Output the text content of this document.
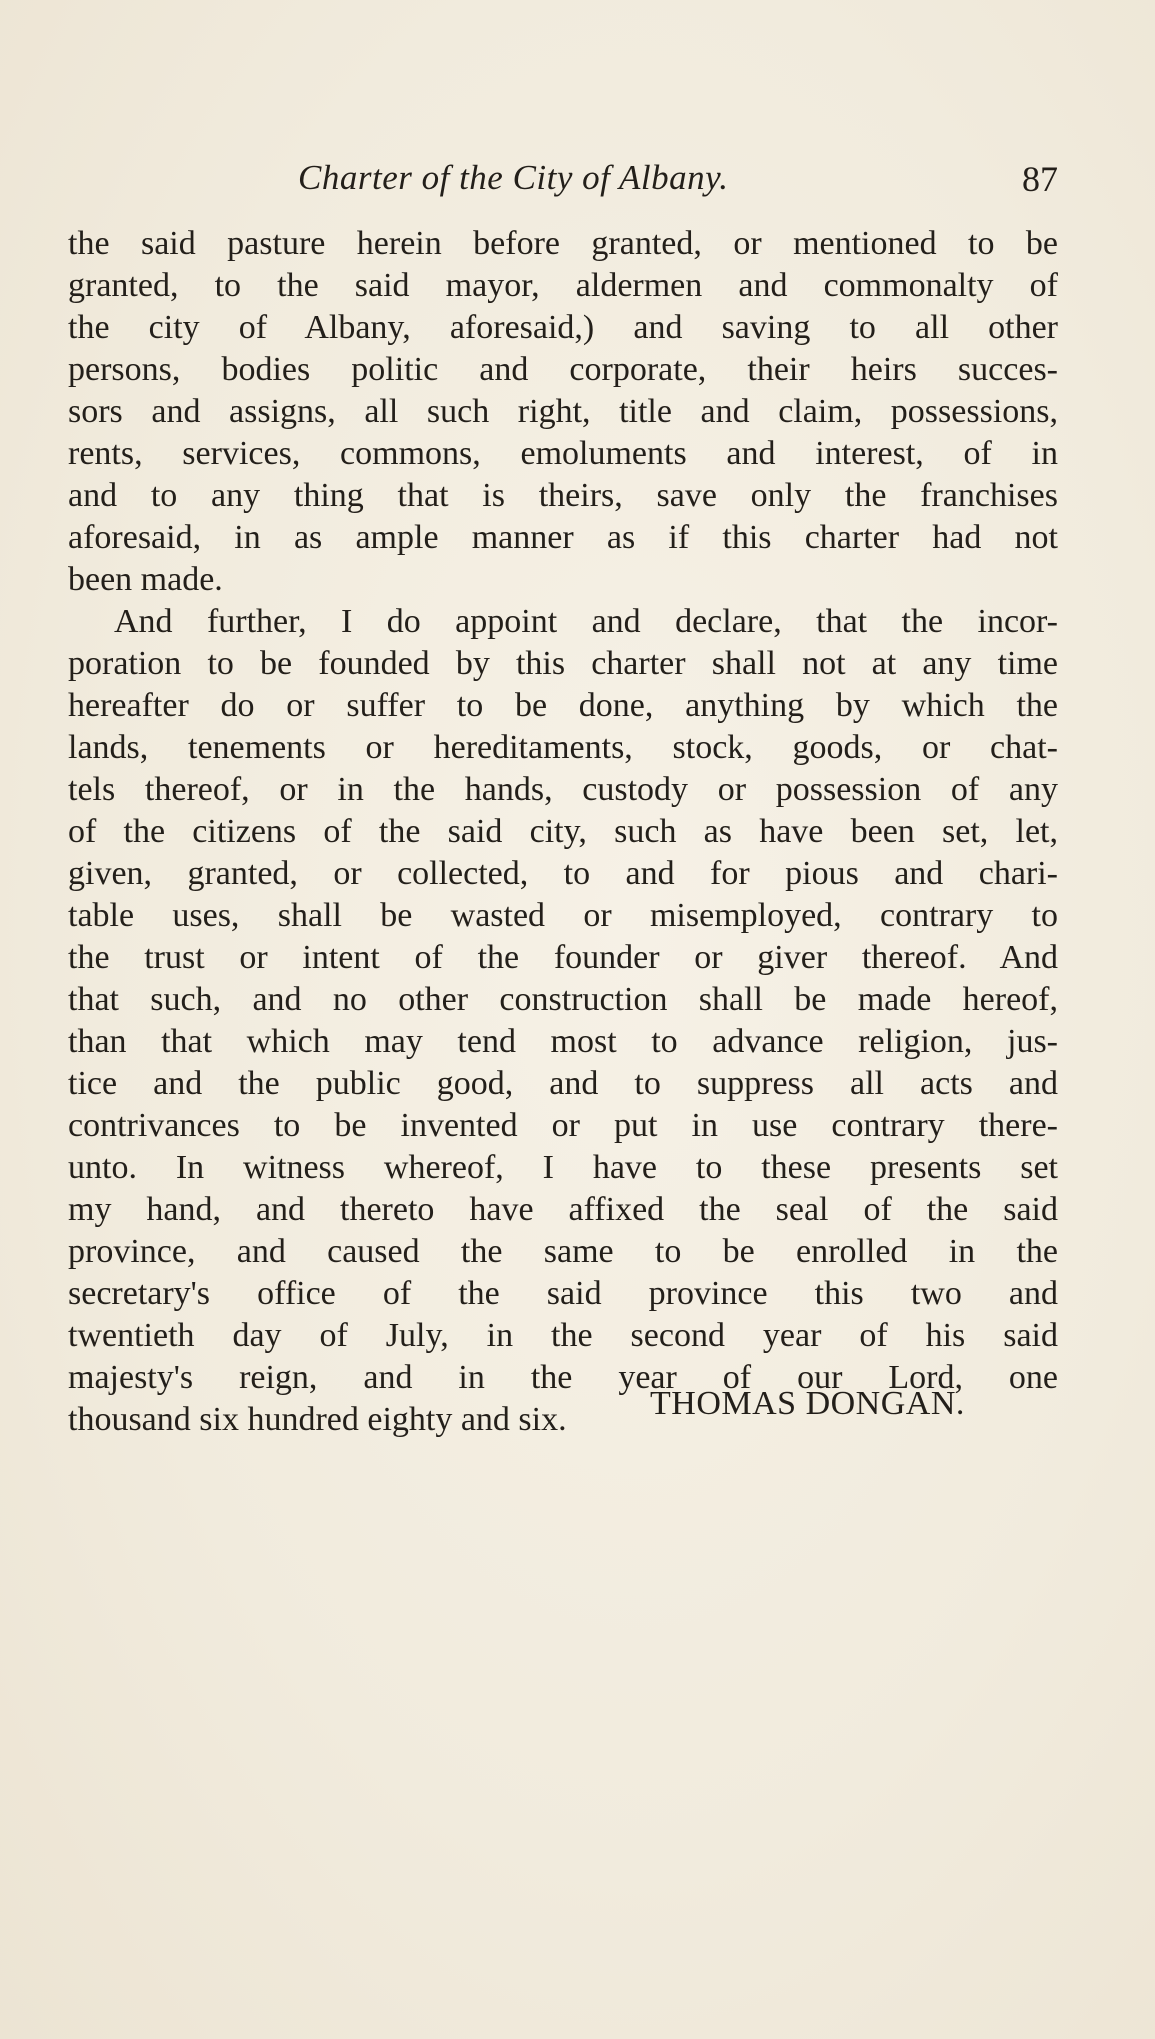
Charter of the City of Albany.	87
the said pasture herein before granted, or mentioned to be
granted, to the said mayor, aldermen and commonalty of
the city of Albany, aforesaid,) and saving to all other
persons, bodies politic and corporate, their heirs succes-
sors and assigns, all such right, title and claim, possessions,
rents, services, commons, emoluments and interest, of in
and to any thing that is theirs, save only the franchises
aforesaid, in as ample manner as if this charter had not
been made.
And further, I do appoint and declare, that the incor-
poration to be founded by this charter shall not at any time
hereafter do or suffer to be done, anything by which the
lands, tenements or hereditaments, stock, goods, or chat-
tels thereof, or in the hands, custody or possession of any
of the citizens of the said city, such as have been set, let,
given, granted, or collected, to and for pious and chari-
table uses, shall be wasted or misemployed, contrary to
the trust or intent of the founder or giver thereof. And
that such, and no other construction shall be made hereof,
than that which may tend most to advance religion, jus-
tice and the public good, and to suppress all acts and
contrivances to be invented or put in use contrary there-
unto. In witness whereof, I have to these presents set
my hand, and thereto have affixed the seal of the said
province, and caused the same to be enrolled in the
secretary's office of the said province this two and
twentieth day of July, in the second year of his said
majesty's reign, and in the year of our Lord, one
thousand six hundred eighty and six.	THOMAS DONGAN.
